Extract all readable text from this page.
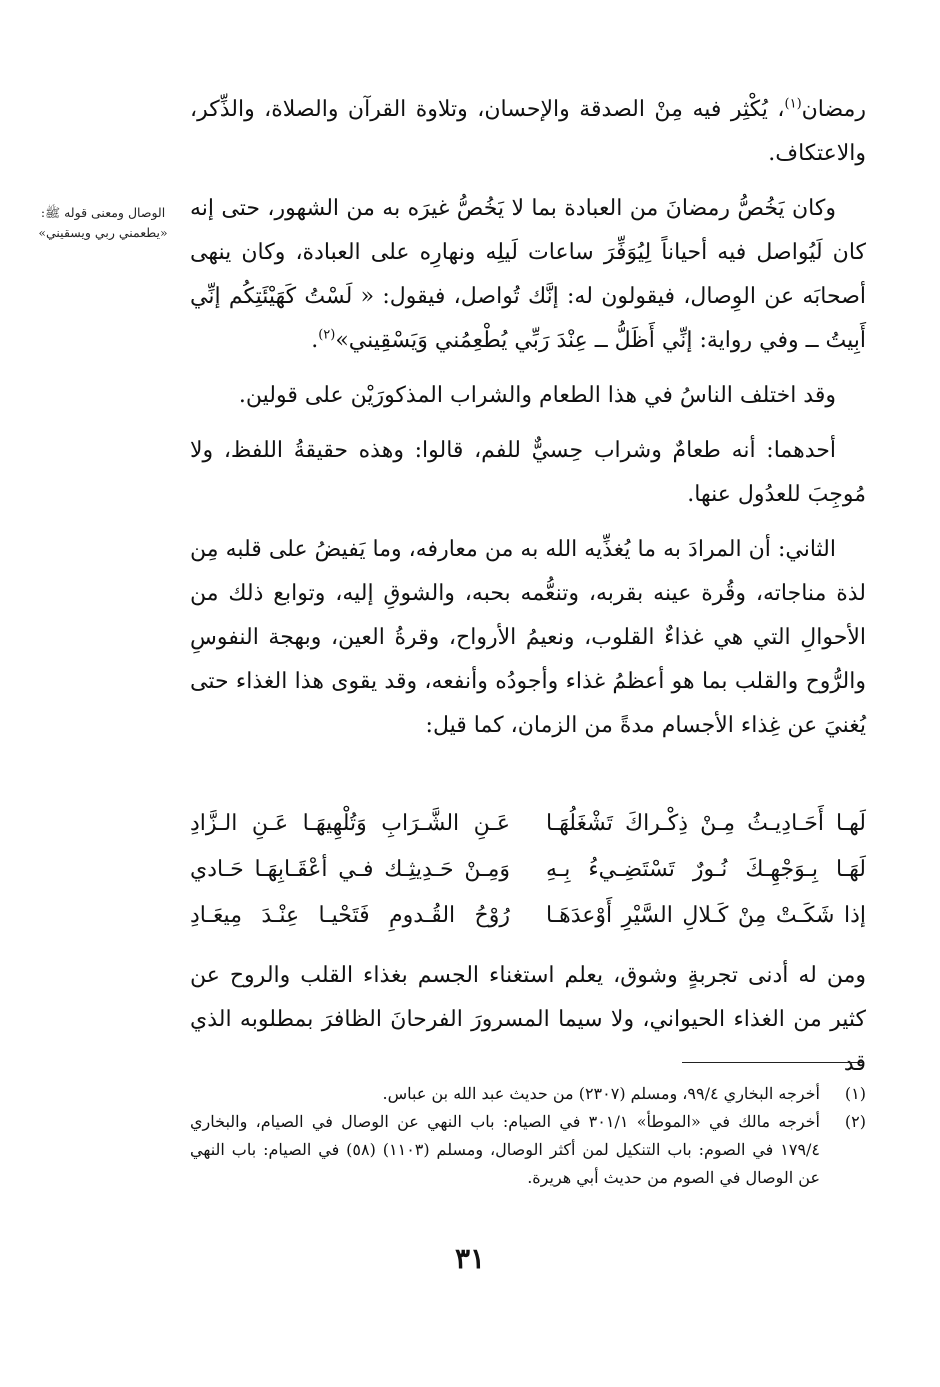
الوصال ومعنى قوله ﷺ: «يطعمني ربي ويسقيني»

رمضان$^{(١)}$، يُكْثِر فيه مِنْ الصدقة والإحسان، وتلاوة القرآن والصلاة، والذِّكر، والاعتكاف.

وكان يَخُصُّ رمضانَ من العبادة بما لا يَخُصُّ غيرَه به من الشهور، حتى إنه كان لَيُواصل فيه أحياناً لِيُوَفِّرَ ساعات لَيلِه ونهارِه على العبادة، وكان ينهى أصحابَه عن الوِصال، فيقولون له: إنَّك تُواصل، فيقول: « لَسْتُ كَهَيْئَتِكُم إنِّي أَبِيتُ ــ وفي رواية: إنِّي أَظَلُّ ــ عِنْدَ رَبِّي يُطْعِمُني وَيَسْقِيني»$^{(٢)}$.

وقد اختلف الناسُ في هذا الطعام والشراب المذكورَيْن على قولين.

أحدهما: أنه طعامٌ وشراب حِسيٌّ للفم، قالوا: وهذه حقيقةُ اللفظ، ولا مُوجِبَ للعدُول عنها.

الثاني: أن المرادَ به ما يُغذِّيه الله به من معارفه، وما يَفيضُ على قلبه مِن لذة مناجاته، وقُرة عينه بقربه، وتنعُّمه بحبه، والشوقِ إليه، وتوابع ذلك من الأحوالِ التي هي غذاءٌ القلوب، ونعيمُ الأرواح، وقرةُ العين، وبهجة النفوسِ والرُّوح والقلب بما هو أعظمُ غذاء وأجودُه وأنفعه، وقد يقوى هذا الغذاء حتى يُغنيَ عن غِذاء الأجسام مدةً من الزمان، كما قيل:

لَهـا أَحَـادِيـثُ مِـنْ ذِكْـراكَ تَشْغَلُهَـا
عَـنِ الشَّـرَابِ وَتُلْهِيهَـا عَـنِ الـزَّادِ
لَهَـا بِـوَجْهِـكَ نُـورٌ تَسْتَضِـيءُ بِـهِ
وَمِـنْ حَـدِيثِـك فـي أعْقَـابِهَـا حَـادي
إذا شَكَـتْ مِنْ كَـلالِ السَّيْرِ أَوْعدَهَـا
رُوْحُ القُـدومِ فَتَحْيـا عِنْـدَ مِيعَـادِ
ومن له أدنى تجربةٍ وشوق، يعلم استغناء الجسم بغذاء القلب والروح عن كثير من الغذاء الحيواني، ولا سيما المسرورَ الفرحانَ الظافرَ بمطلوبه الذي قد
(١)
أخرجه البخاري ٩٩/٤، ومسلم (٢٣٠٧) من حديث عبد الله بن عباس.
(٢)
أخرجه مالك في «الموطأ» ٣٠١/١ في الصيام: باب النهي عن الوصال في الصيام، والبخاري ١٧٩/٤ في الصوم: باب التنكيل لمن أكثر الوصال، ومسلم (١١٠٣) (٥٨) في الصيام: باب النهي عن الوصال في الصوم من حديث أبي هريرة.
٣١
